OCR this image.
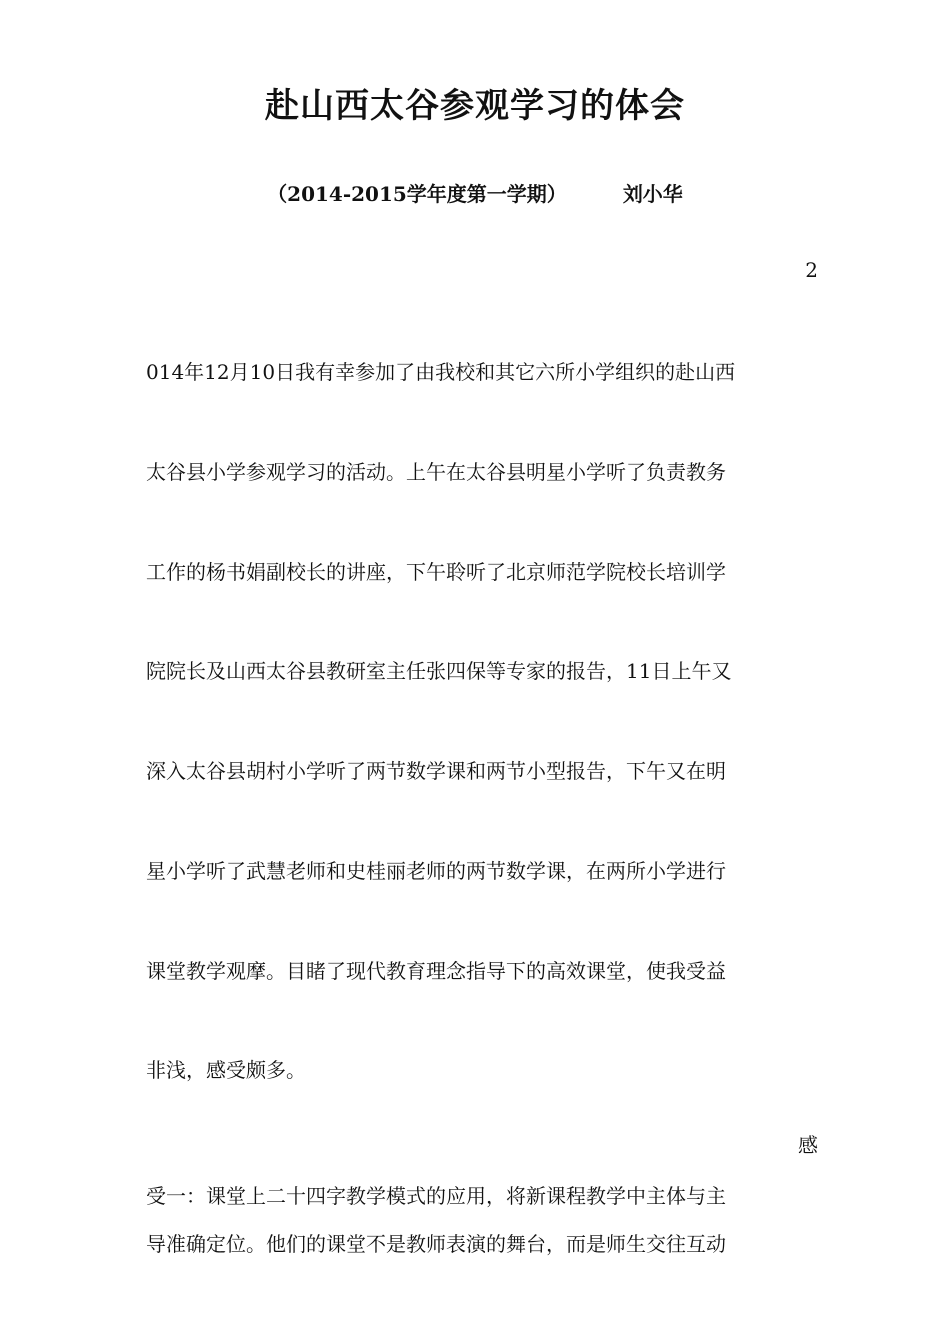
赴山西太谷参观学习的体会

（2014-2015学年度第一学期）	刘小华

2

014年12月10日我有幸参加了由我校和其它六所小学组织的赴山西

太谷县小学参观学习的活动。上午在太谷县明星小学听了负责教务

工作的杨书娟副校长的讲座，下午聆听了北京师范学院校长培训学

院院长及山西太谷县教研室主任张四保等专家的报告，11日上午又

深入太谷县胡村小学听了两节数学课和两节小型报告，下午又在明

星小学听了武慧老师和史桂丽老师的两节数学课，在两所小学进行

课堂教学观摩。目睹了现代教育理念指导下的高效课堂，使我受益

非浅，感受颇多。

感

受一：课堂上二十四字教学模式的应用，将新课程教学中主体与主

导准确定位。他们的课堂不是教师表演的舞台，而是师生交往互动
